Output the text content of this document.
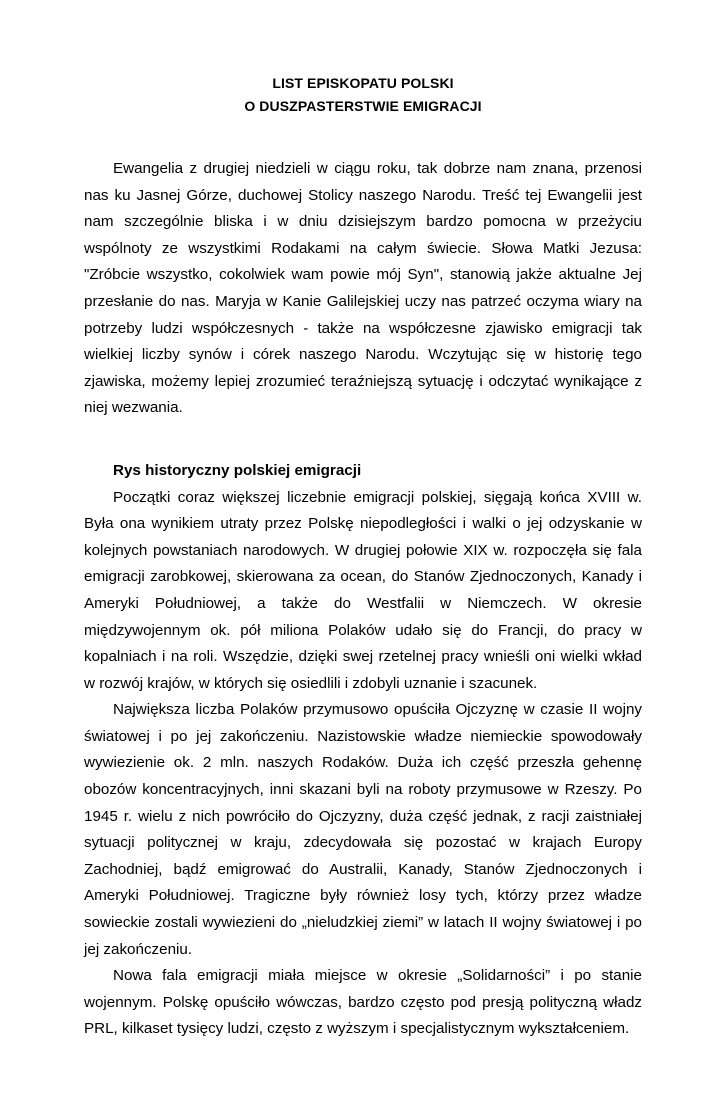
LIST EPISKOPATU POLSKI
O DUSZPASTERSTWIE EMIGRACJI

Ewangelia z drugiej niedzieli w ciągu roku, tak dobrze nam znana, przenosi nas ku Jasnej Górze, duchowej Stolicy naszego Narodu. Treść tej Ewangelii jest nam szczególnie bliska i w dniu dzisiejszym bardzo pomocna w przeżyciu wspólnoty ze wszystkimi Rodakami na całym świecie. Słowa Matki Jezusa: "Zróbcie wszystko, cokolwiek wam powie mój Syn", stanowią jakże aktualne Jej przesłanie do nas. Maryja w Kanie Galilejskiej uczy nas patrzeć oczyma wiary na potrzeby ludzi współczesnych - także na współczesne zjawisko emigracji tak wielkiej liczby synów i córek naszego Narodu. Wczytując się w historię tego zjawiska, możemy lepiej zrozumieć teraźniejszą sytuację i odczytać wynikające z niej wezwania.

Rys historyczny polskiej emigracji

Początki coraz większej liczebnie emigracji polskiej, sięgają końca XVIII w. Była ona wynikiem utraty przez Polskę niepodległości i walki o jej odzyskanie w kolejnych powstaniach narodowych. W drugiej połowie XIX w. rozpoczęła się fala emigracji zarobkowej, skierowana za ocean, do Stanów Zjednoczonych, Kanady i Ameryki Południowej, a także do Westfalii w Niemczech. W okresie międzywojennym ok. pół miliona Polaków udało się do Francji, do pracy w kopalniach i na roli. Wszędzie, dzięki swej rzetelnej pracy wnieśli oni wielki wkład w rozwój krajów, w których się osiedlili i zdobyli uznanie i szacunek.

Największa liczba Polaków przymusowo opuściła Ojczyznę w czasie II wojny światowej i po jej zakończeniu. Nazistowskie władze niemieckie spowodowały wywiezienie ok. 2 mln. naszych Rodaków. Duża ich część przeszła gehennę obozów koncentracyjnych, inni skazani byli na roboty przymusowe w Rzeszy. Po 1945 r. wielu z nich powróciło do Ojczyzny, duża część jednak, z racji zaistniałej sytuacji politycznej w kraju, zdecydowała się pozostać w krajach Europy Zachodniej, bądź emigrować do Australii, Kanady, Stanów Zjednoczonych i Ameryki Południowej. Tragiczne były również losy tych, którzy przez władze sowieckie zostali wywiezieni do „nieludzkiej ziemi” w latach II wojny światowej i po jej zakończeniu.

Nowa fala emigracji miała miejsce w okresie „Solidarności” i po stanie wojennym. Polskę opuściło wówczas, bardzo często pod presją polityczną władz PRL, kilkaset tysięcy ludzi, często z wyższym i specjalistycznym wykształceniem.
